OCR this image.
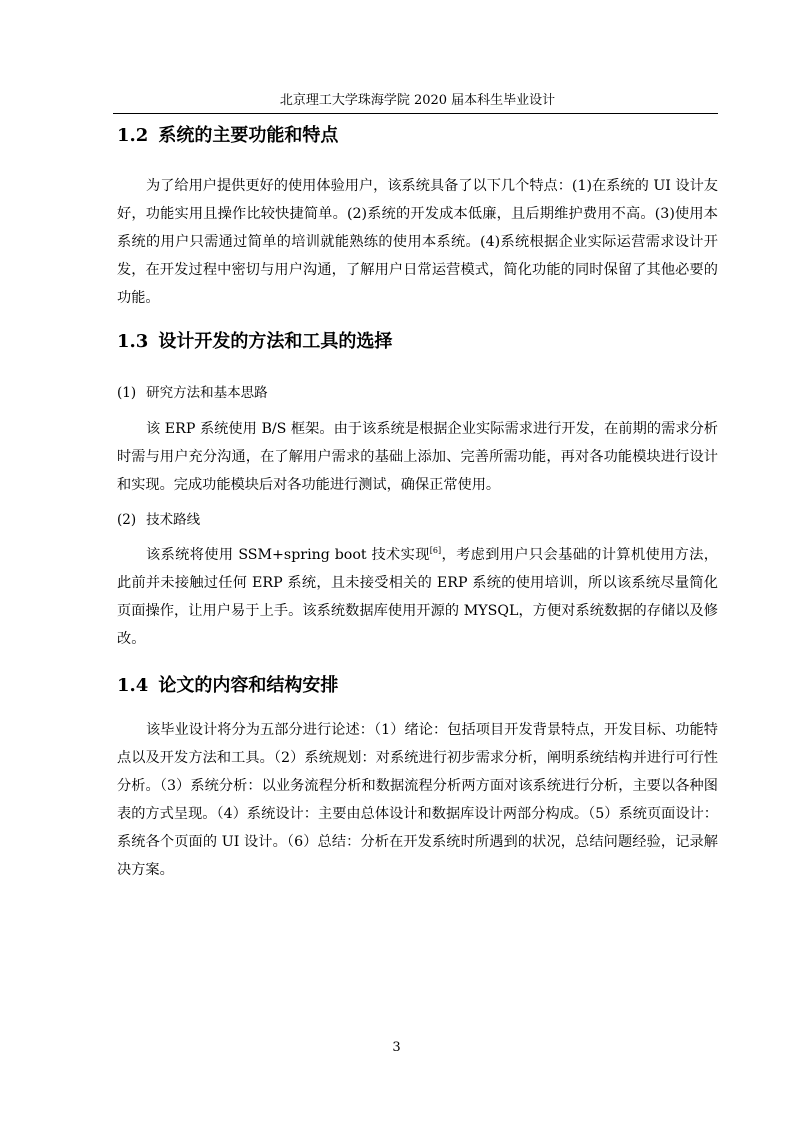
北京理工大学珠海学院 2020 届本科生毕业设计
1.2 系统的主要功能和特点

为了给用户提供更好的使用体验用户，该系统具备了以下几个特点：(1)在系统的 UI 设计友好，功能实用且操作比较快捷简单。(2)系统的开发成本低廉，且后期维护费用不高。(3)使用本系统的用户只需通过简单的培训就能熟练的使用本系统。(4)系统根据企业实际运营需求设计开发，在开发过程中密切与用户沟通，了解用户日常运营模式，简化功能的同时保留了其他必要的功能。

1.3 设计开发的方法和工具的选择
(1) 研究方法和基本思路

该 ERP 系统使用 B/S 框架。由于该系统是根据企业实际需求进行开发，在前期的需求分析时需与用户充分沟通，在了解用户需求的基础上添加、完善所需功能，再对各功能模块进行设计和实现。完成功能模块后对各功能进行测试，确保正常使用。

(2) 技术路线

该系统将使用 SSM+spring boot 技术实现[6]，考虑到用户只会基础的计算机使用方法，此前并未接触过任何 ERP 系统，且未接受相关的 ERP 系统的使用培训，所以该系统尽量简化页面操作，让用户易于上手。该系统数据库使用开源的 MYSQL，方便对系统数据的存储以及修改。

1.4 论文的内容和结构安排

该毕业设计将分为五部分进行论述：（1）绪论：包括项目开发背景特点，开发目标、功能特点以及开发方法和工具。（2）系统规划：对系统进行初步需求分析，阐明系统结构并进行可行性分析。（3）系统分析：以业务流程分析和数据流程分析两方面对该系统进行分析，主要以各种图表的方式呈现。（4）系统设计：主要由总体设计和数据库设计两部分构成。（5）系统页面设计：系统各个页面的 UI 设计。（6）总结：分析在开发系统时所遇到的状况，总结问题经验，记录解决方案。

3
